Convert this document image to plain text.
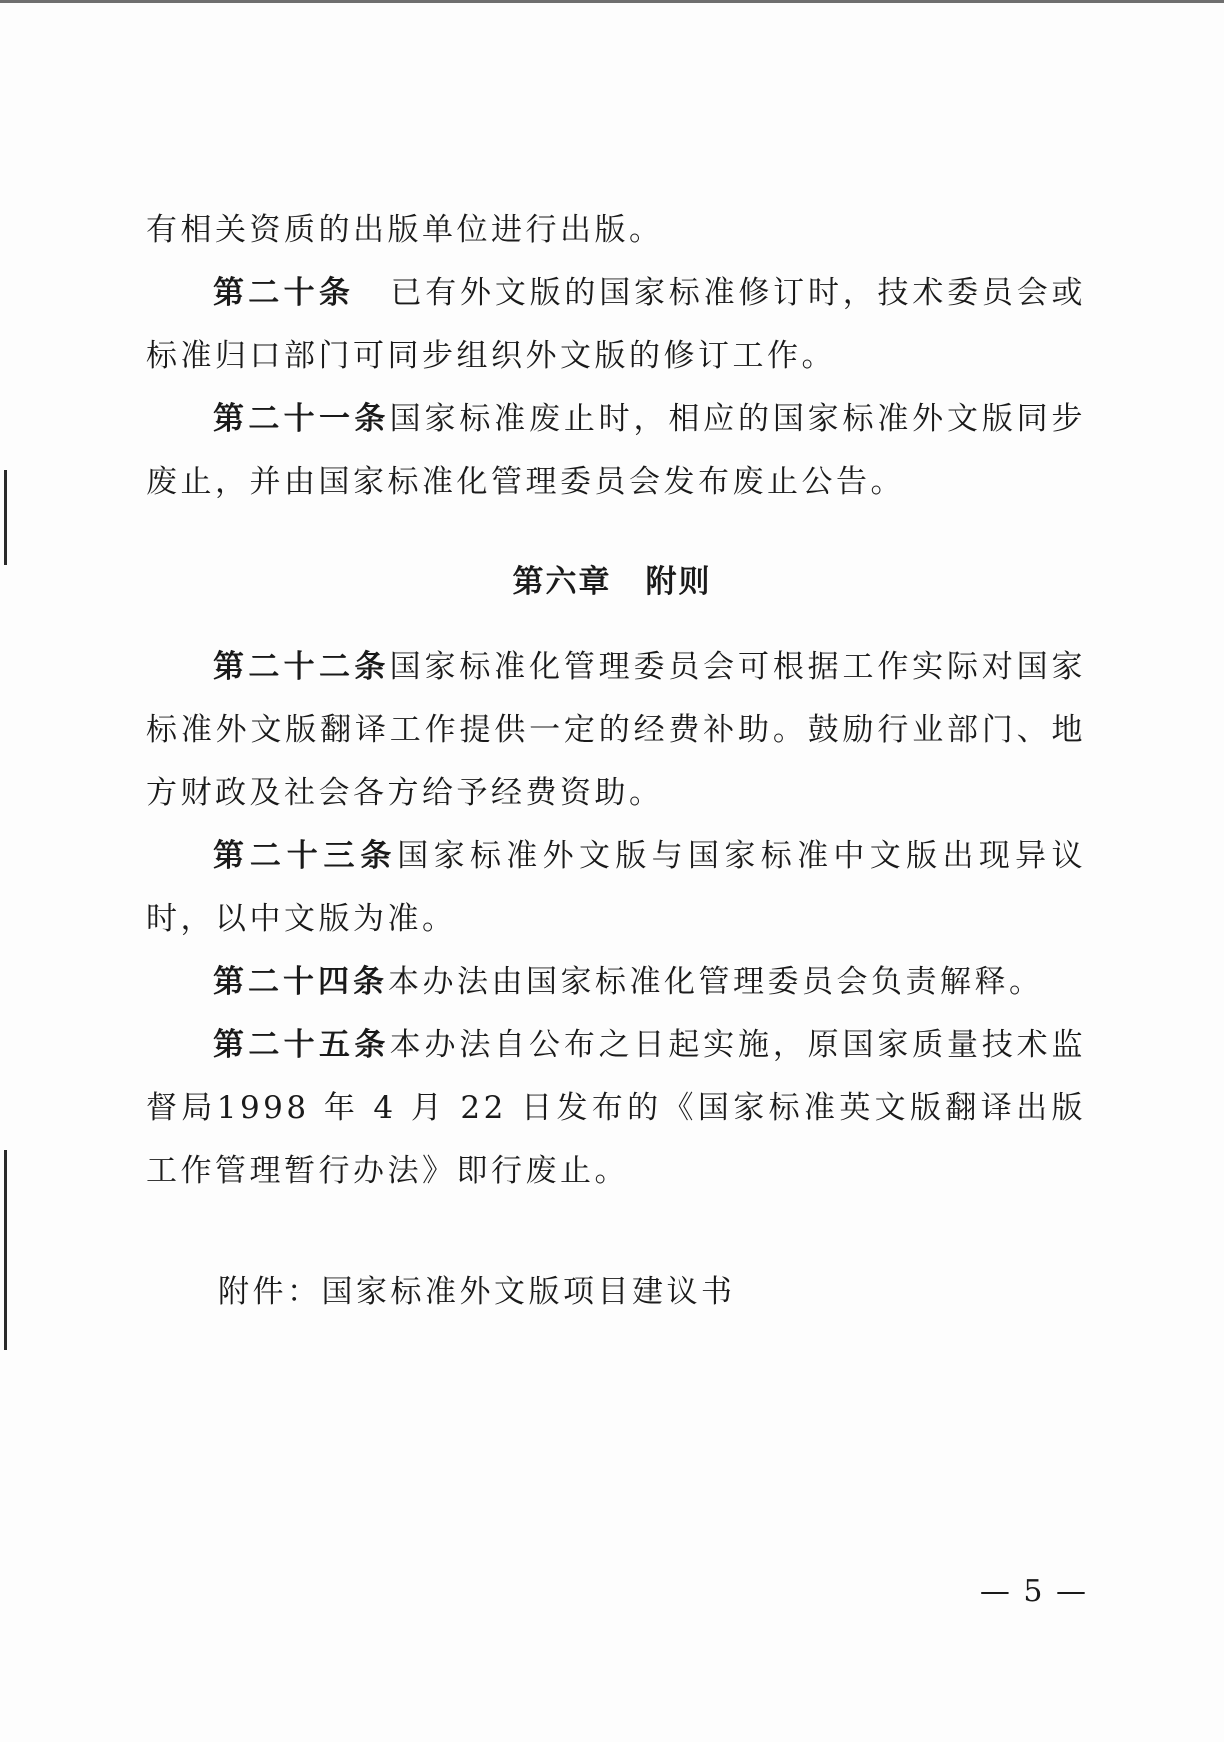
有相关资质的出版单位进行出版。

第二十条 已有外文版的国家标准修订时，技术委员会或标准归口部门可同步组织外文版的修订工作。

第二十一条国家标准废止时，相应的国家标准外文版同步废止，并由国家标准化管理委员会发布废止公告。

第六章 附则

第二十二条国家标准化管理委员会可根据工作实际对国家标准外文版翻译工作提供一定的经费补助。鼓励行业部门、地方财政及社会各方给予经费资助。

第二十三条国家标准外文版与国家标准中文版出现异议时，以中文版为准。

第二十四条本办法由国家标准化管理委员会负责解释。

第二十五条本办法自公布之日起实施，原国家质量技术监督局1998 年 4 月 22 日发布的《国家标准英文版翻译出版工作管理暂行办法》即行废止。

附件：国家标准外文版项目建议书
— 5 —
